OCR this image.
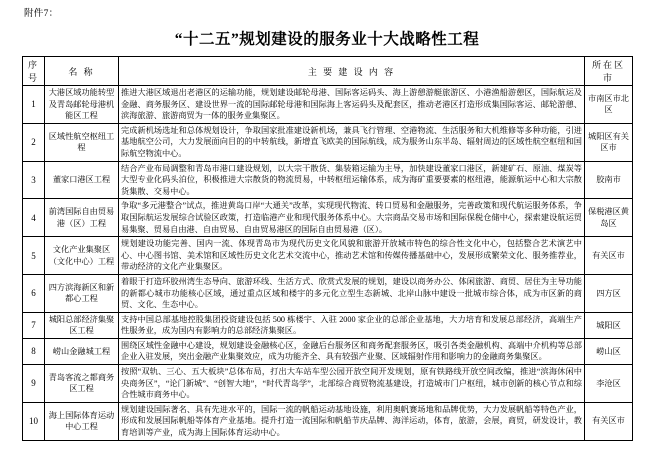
附件7：
“十二五”规划建设的服务业十大战略性工程
序号	名 称	主 要 建 设 内 容	所在区市
1	大港区域功能转型及青岛邮轮母港机能区工程	推进大港区域退出老港区的运输功能，规划建设邮轮母港、国际客运码头、海上游憩游艇旅游区、小港渔船游憩区，国际航运及金融、商务服务区、建设世界一流的国际邮轮母港和国际海上客运码头及配套区，推动老港区打造形成集国际客运、邮轮游憩、滨海旅游、旅游商贸为一体的服务业集聚区。	市南区市北区
2	区域性航空枢纽工程	完成新机场选址和总体规划设计，争取国家批准建设新机场，兼具飞行管理、空港物流、生活服务和大机维修等多种功能，引进基地航空公司，大力发展面向目的的中转航线，新增直飞欧美的国际航线，成为服务山东半岛、辐射周边的区域性航空枢纽和国际航空物流中心。	城阳区有关区市
3	董家口港区工程	结合产业布局调整和青岛市港口建设规划，以大宗干散货、集装箱运输为主导，加快建设董家口港区，新建矿石、原油、煤炭等大型专业化码头泊位，积极推进大宗散货的物流贸易，中转枢纽运输体系，成为海矿重要要素的枢纽港，能源航运中心和大宗散货集散、交易中心。	胶南市
4	前湾国际自由贸易港（区）工程	争取“多元港整合”试点，推进黄岛口岸“大通关”改革，实现现代物流、转口贸易和金融服务，完善政策和现代航运服务体系，争取国际航运发展综合试验区政策，打造临港产业和现代服务体系中心。大宗商品交易市场和国际保税仓储中心，探索建设航运贸易集聚、贸易自由港、自由贸易、自由贸易港区的国际自由贸易港（区）。	保税港区黄岛区
5	文化产业集聚区（文化中心）工程	规划建设功能完善、国内一流、体现青岛市为现代历史文化风貌和旅游开放城市特色的综合性文化中心，包括整合艺术演艺中心、中心图书馆、美术馆和区域性历史文化艺术交流中心，推动艺术馆和传媒传播基础中心，发展形成繁荣文化、服务推荐业，带动经济的文化产业集聚区。	有关区市
6	四方滨海新区和新都心工程	着眼于打造环胶州湾生态导向、旅游环线、生活方式、欣赏式发展的规划，建设以商务办公、体闲旅游、商贸、居住为主导功能的新都心城市功能核心区域，通过重点区域和楼宇的多元化立型生态新城、北岸山脉中建设一批城市综合体，成为市区新的商贸、文化、生态中心。	四方区
7	城阳总部经济集聚区工程	支持中国总部基地控股集团投资建设包括 500 栋楼宇、入驻 2000 家企业的总部企业基地，大力培育和发展总部经济，高端生产性服务业，成为国内有影响力的总部经济集聚区。	城阳区
8	崂山金融城工程	围绕区域性金融中心建设，规划建设金融核心区，金融后台服务区和商务配套服务区，吸引各类金融机构、高端中介机构等总部企业入驻发展，突出金融产业集聚效应，成为功能齐全、具有较强产业聚、区域辐射作用和影响力的金融商务集聚区。	崂山区
9	青岛客流之都商务区工程	按照“双轨、三心、五大板块”总体布局，打出大车站车型公园开放空间开发规划，原有铁路线开放空间改编，推进“滨海休闲中央商务区”，“论门新城”、“创智大地”，“时代青岛学”，北部综合商贸物流基建设，打造城市门户枢纽，城市创新的核心节点和综合性城市商务中心。	李沧区
10	海上国际体育运动中心工程	规划建设国际著名、具有先进水平的，国际一流的帆船运动基地设施，利用奥帆赛场地和品牌优势，大力发展帆船等特色产业，形成和发展国际帆船等体育产业基地。提升打造一流国际和帆船节庆品牌、海洋运动，体育，旅游，会展，商贸，研发设计，教育培训等产业，成为海上国际体育运动中心。	有关区市
